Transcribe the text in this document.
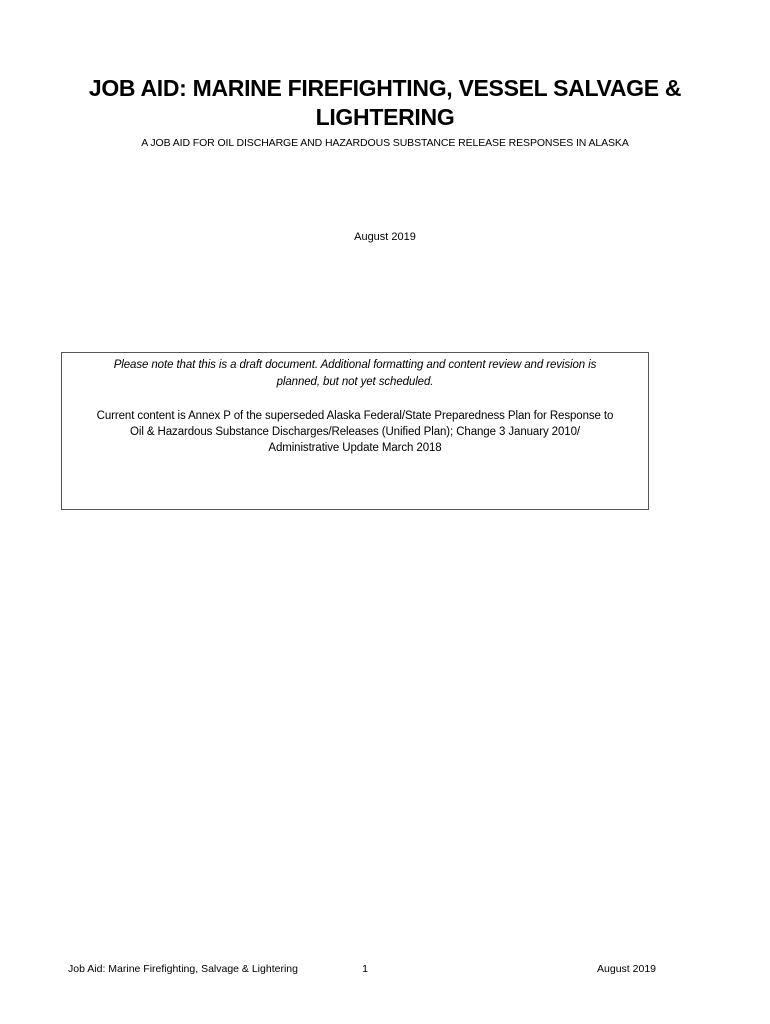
JOB AID: MARINE FIREFIGHTING, VESSEL SALVAGE &
LIGHTERING
A JOB AID FOR OIL DISCHARGE AND HAZARDOUS SUBSTANCE RELEASE RESPONSES IN ALASKA
August 2019
Please note that this is a draft document. Additional formatting and content review and revision is
planned, but not yet scheduled.
Current content is Annex P of the superseded Alaska Federal/State Preparedness Plan for Response to
Oil & Hazardous Substance Discharges/Releases (Unified Plan); Change 3 January 2010/
Administrative Update March 2018
Job Aid: Marine Firefighting, Salvage & Lightering	1	August 2019
